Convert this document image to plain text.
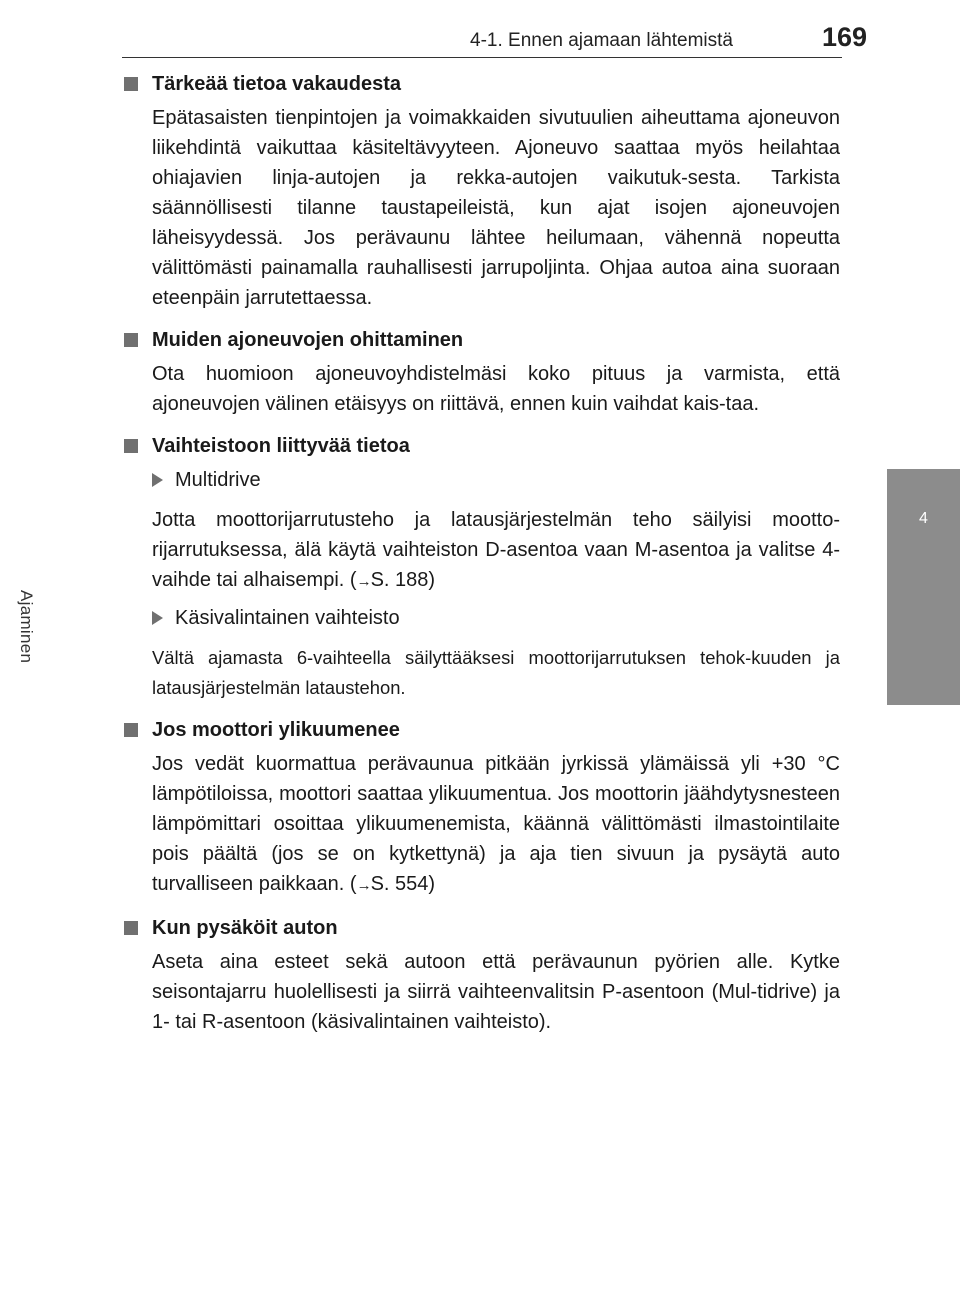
4-1. Ennen ajamaan lähtemistä	169
4
Ajaminen
Tärkeää tietoa vakaudesta
Epätasaisten tienpintojen ja voimakkaiden sivutuulien aiheuttama ajoneuvon liikehdintä vaikuttaa käsiteltävyyteen. Ajoneuvo saattaa myös heilahtaa ohiajavien linja-autojen ja rekka-autojen vaikutuk-sesta. Tarkista säännöllisesti tilanne taustapeileistä, kun ajat isojen ajoneuvojen läheisyydessä. Jos perävaunu lähtee heilumaan, vähennä nopeutta välittömästi painamalla rauhallisesti jarrupoljinta. Ohjaa autoa aina suoraan eteenpäin jarrutettaessa.
Muiden ajoneuvojen ohittaminen
Ota huomioon ajoneuvoyhdistelmäsi koko pituus ja varmista, että ajoneuvojen välinen etäisyys on riittävä, ennen kuin vaihdat kais-taa.
Vaihteistoon liittyvää tietoa
Multidrive
Jotta moottorijarrutusteho ja latausjärjestelmän teho säilyisi mootto-rijarrutuksessa, älä käytä vaihteiston D-asentoa vaan M-asentoa ja valitse 4-vaihde tai alhaisempi. (→S. 188)
Käsivalintainen vaihteisto
Vältä ajamasta 6-vaihteella säilyttääksesi moottorijarrutuksen tehok-kuuden ja latausjärjestelmän lataustehon.
Jos moottori ylikuumenee
Jos vedät kuormattua perävaunua pitkään jyrkissä ylämäissä yli +30 °C lämpötiloissa, moottori saattaa ylikuumentua. Jos moottorin jäähdytysnesteen lämpömittari osoittaa ylikuumenemista, käännä välittömästi ilmastointilaite pois päältä (jos se on kytkettynä) ja aja tien sivuun ja pysäytä auto turvalliseen paikkaan. (→S. 554)
Kun pysäköit auton
Aseta aina esteet sekä autoon että perävaunun pyörien alle. Kytke seisontajarru huolellisesti ja siirrä vaihteenvalitsin P-asentoon (Mul-tidrive) ja 1- tai R-asentoon (käsivalintainen vaihteisto).
